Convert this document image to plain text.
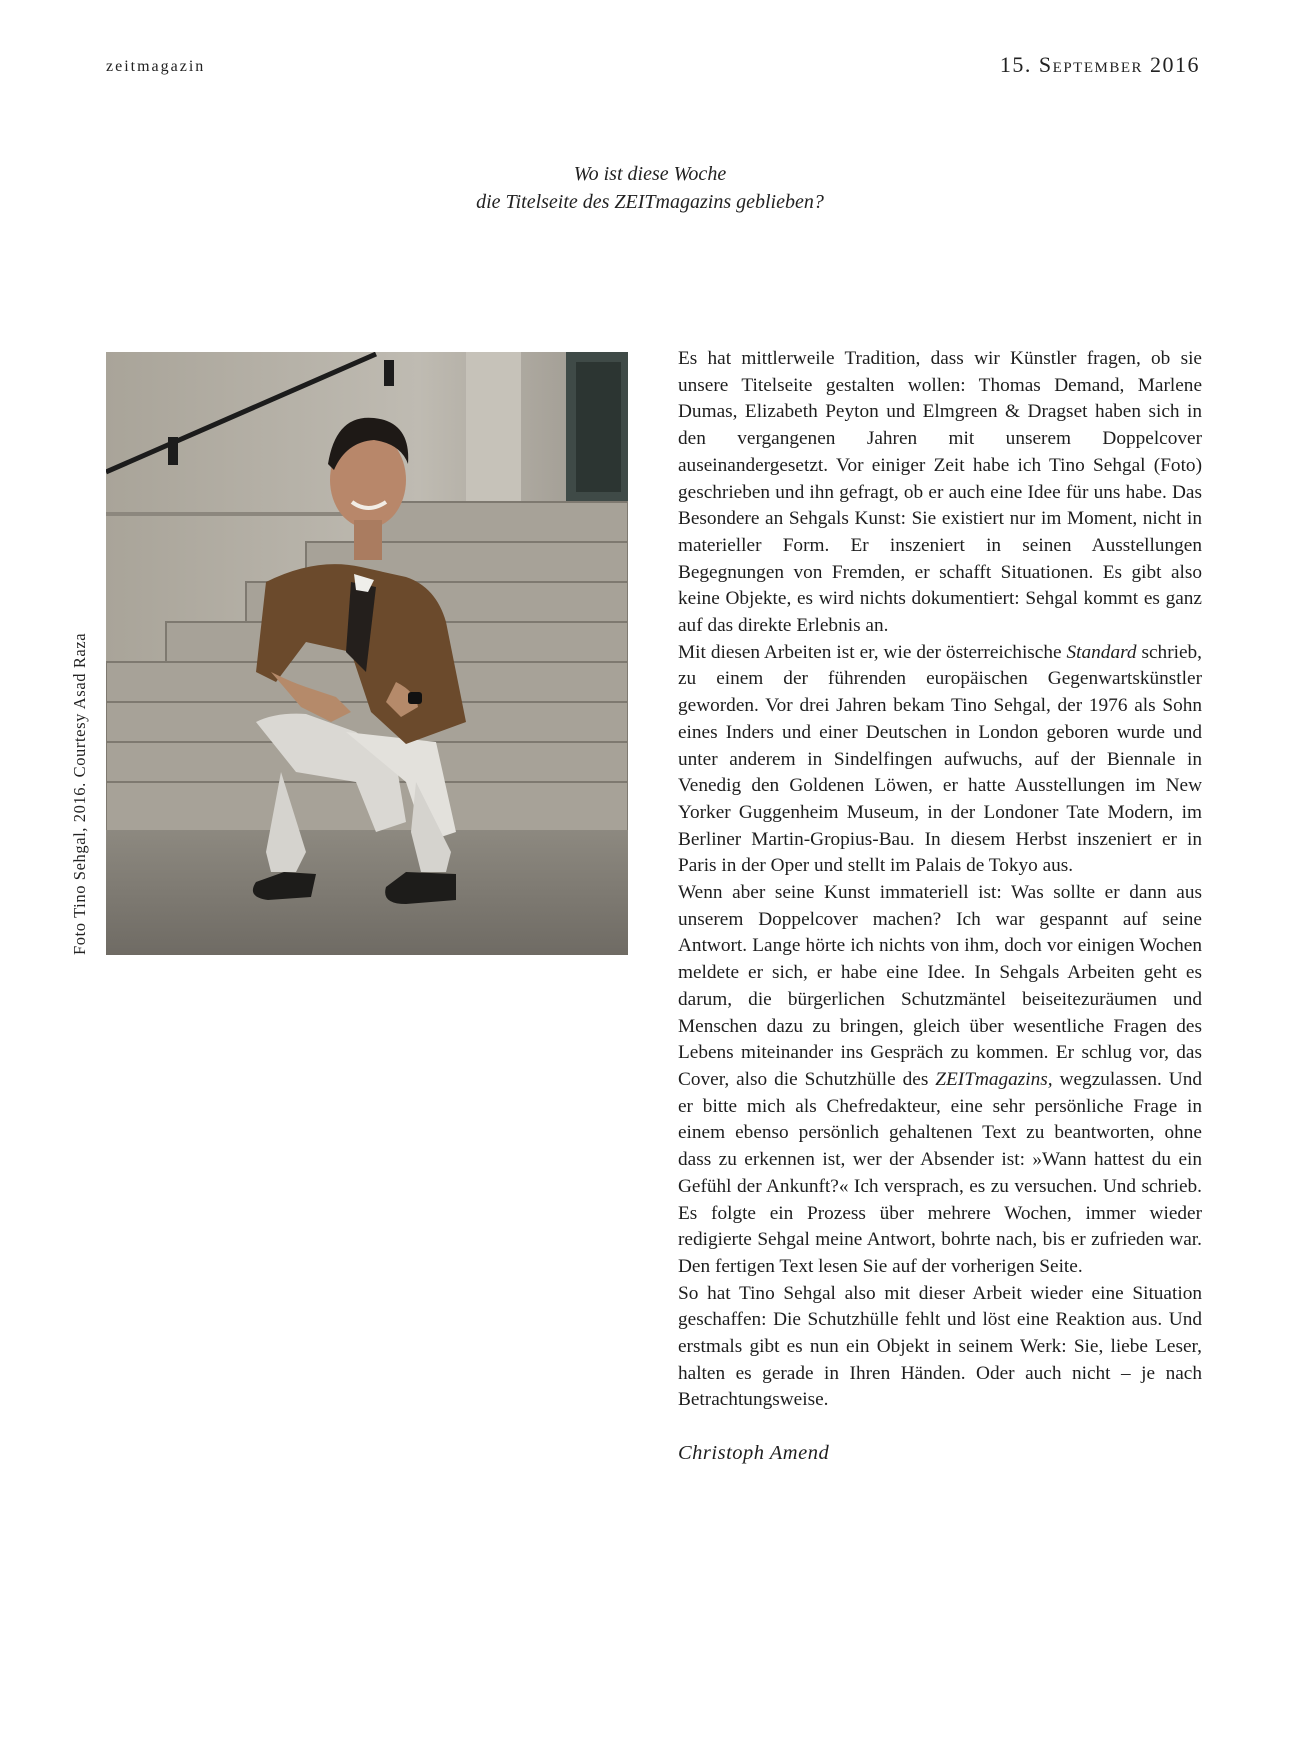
zeitmagazin	15. September 2016
Wo ist diese Woche
die Titelseite des ZEITmagazins geblieben?
Foto Tino Sehgal, 2016. Courtesy Asad Raza

Es hat mittlerweile Tradition, dass wir Künstler fragen, ob sie unsere Titelseite gestalten wollen: Thomas Demand, Marlene Dumas, Elizabeth Peyton und Elmgreen & Dragset haben sich in den vergangenen Jahren mit unserem Doppelcover auseinandergesetzt. Vor einiger Zeit habe ich Tino Sehgal (Foto) geschrieben und ihn gefragt, ob er auch eine Idee für uns habe. Das Besondere an Sehgals Kunst: Sie existiert nur im Moment, nicht in materieller Form. Er inszeniert in seinen Ausstellungen Begegnungen von Fremden, er schafft Situationen. Es gibt also keine Objekte, es wird nichts dokumentiert: Sehgal kommt es ganz auf das direkte Erlebnis an.

Mit diesen Arbeiten ist er, wie der österreichische Standard schrieb, zu einem der führenden europäischen Gegenwartskünstler geworden. Vor drei Jahren bekam Tino Sehgal, der 1976 als Sohn eines Inders und einer Deutschen in London geboren wurde und unter anderem in Sindelfingen aufwuchs, auf der Biennale in Venedig den Goldenen Löwen, er hatte Ausstellungen im New Yorker Guggenheim Museum, in der Londoner Tate Modern, im Berliner Martin-Gropius-Bau. In diesem Herbst inszeniert er in Paris in der Oper und stellt im Palais de Tokyo aus.

Wenn aber seine Kunst immateriell ist: Was sollte er dann aus unserem Doppelcover machen? Ich war gespannt auf seine Antwort. Lange hörte ich nichts von ihm, doch vor einigen Wochen meldete er sich, er habe eine Idee. In Sehgals Arbeiten geht es darum, die bürgerlichen Schutzmäntel beiseitezuräumen und Menschen dazu zu bringen, gleich über wesentliche Fragen des Lebens miteinander ins Gespräch zu kommen. Er schlug vor, das Cover, also die Schutzhülle des ZEITmagazins, wegzulassen. Und er bitte mich als Chefredakteur, eine sehr persönliche Frage in einem ebenso persönlich gehaltenen Text zu beantworten, ohne dass zu erkennen ist, wer der Absender ist: »Wann hattest du ein Gefühl der Ankunft?« Ich versprach, es zu versuchen. Und schrieb. Es folgte ein Prozess über mehrere Wochen, immer wieder redigierte Sehgal meine Antwort, bohrte nach, bis er zufrieden war. Den fertigen Text lesen Sie auf der vorherigen Seite.

So hat Tino Sehgal also mit dieser Arbeit wieder eine Situation geschaffen: Die Schutzhülle fehlt und löst eine Reaktion aus. Und erstmals gibt es nun ein Objekt in seinem Werk: Sie, liebe Leser, halten es gerade in Ihren Händen. Oder auch nicht – je nach Betrachtungsweise.

Christoph Amend
